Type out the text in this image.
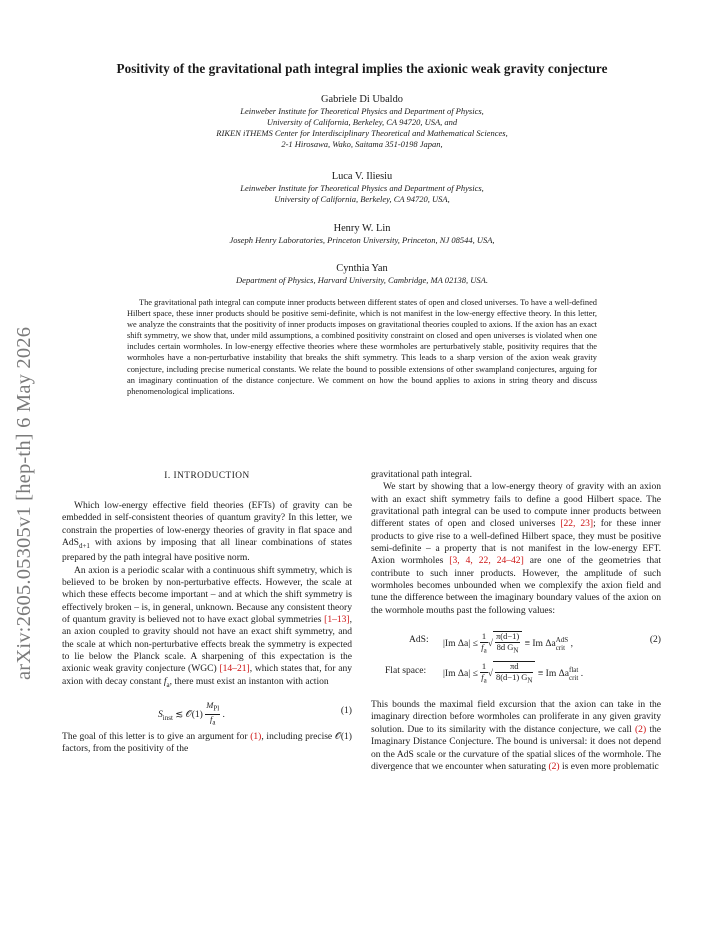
arXiv:2605.05305v1 [hep-th] 6 May 2026
Positivity of the gravitational path integral implies the axionic weak gravity conjecture
Gabriele Di Ubaldo
Leinweber Institute for Theoretical Physics and Department of Physics,
University of California, Berkeley, CA 94720, USA, and
RIKEN iTHEMS Center for Interdisciplinary Theoretical and Mathematical Sciences,
2-1 Hirosawa, Wako, Saitama 351-0198 Japan,
Luca V. Iliesiu
Leinweber Institute for Theoretical Physics and Department of Physics,
University of California, Berkeley, CA 94720, USA,
Henry W. Lin
Joseph Henry Laboratories, Princeton University, Princeton, NJ 08544, USA,
Cynthia Yan
Department of Physics, Harvard University, Cambridge, MA 02138, USA.
The gravitational path integral can compute inner products between different states of open and closed universes. To have a well-defined Hilbert space, these inner products should be positive semi-definite, which is not manifest in the low-energy effective theory. In this letter, we analyze the constraints that the positivity of inner products imposes on gravitational theories coupled to axions. If the axion has an exact shift symmetry, we show that, under mild assumptions, a combined positivity constraint on closed and open universes is violated when one includes certain wormholes. In low-energy effective theories where these wormholes are perturbatively stable, positivity requires that the wormholes have a non-perturbative instability that breaks the shift symmetry. This leads to a sharp version of the axion weak gravity conjecture, including precise numerical constants. We relate the bound to possible extensions of other swampland conjectures, arguing for an imaginary continuation of the distance conjecture. We comment on how the bound applies to axions in string theory and discuss phenomenological implications.
I. INTRODUCTION

Which low-energy effective field theories (EFTs) of gravity can be embedded in self-consistent theories of quantum gravity? In this letter, we constrain the properties of low-energy theories of gravity in flat space and AdS$_{d+1}$ with axions by imposing that all linear combinations of states prepared by the path integral have positive norm.

An axion is a periodic scalar with a continuous shift symmetry, which is believed to be broken by non-perturbative effects. However, the scale at which these effects become important – and at which the shift symmetry is effectively broken – is, in general, unknown. Because any consistent theory of quantum gravity is believed not to have exact global symmetries [1–13], an axion coupled to gravity should not have an exact shift symmetry, and the scale at which non-perturbative effects break the symmetry is expected to lie below the Planck scale. A sharpening of this expectation is the axionic weak gravity conjecture (WGC) [14–21], which states that, for any axion with decay constant $f_a$, there must exist an instanton with action

$S_{inst}$ ≲ 𝒪(1) $\frac{M_{Pl}}{f_a}$ .	(1)

The goal of this letter is to give an argument for (1), including precise 𝒪(1) factors, from the positivity of the

gravitational path integral.

We start by showing that a low-energy theory of gravity with an axion with an exact shift symmetry fails to define a good Hilbert space. The gravitational path integral can be used to compute inner products between different states of open and closed universes [22, 23]; for these inner products to give rise to a well-defined Hilbert space, they must be positive semi-definite – a property that is not manifest in the low-energy EFT. Axion wormholes [3, 4, 22, 24–42] are one of the geometries that contribute to such inner products. However, the amplitude of such wormholes becomes unbounded when we complexify the axion field and tune the difference between the imaginary boundary values of the axion on the wormhole mouths past the following values:

AdS: |Im $\Delta a| \le \frac{1}{f_a}$ √ $\frac{\pi(d-1)}{8d G_N} \equiv Im$ Δa AdS
crit ,	(2)
Flat space: |Im $\Delta a| \le \frac{1}{f_a}$ √ $\frac{\pi d}{8(d-1) G_N} \equiv Im$ Δa flat
crit .

This bounds the maximal field excursion that the axion can take in the imaginary direction before wormholes can proliferate in any given gravity solution. Due to its similarity with the distance conjecture, we call (2) the Imaginary Distance Conjecture. The bound is universal: it does not depend on the AdS scale or the curvature of the spatial slices of the wormhole. The divergence that we encounter when saturating (2) is even more problematic
